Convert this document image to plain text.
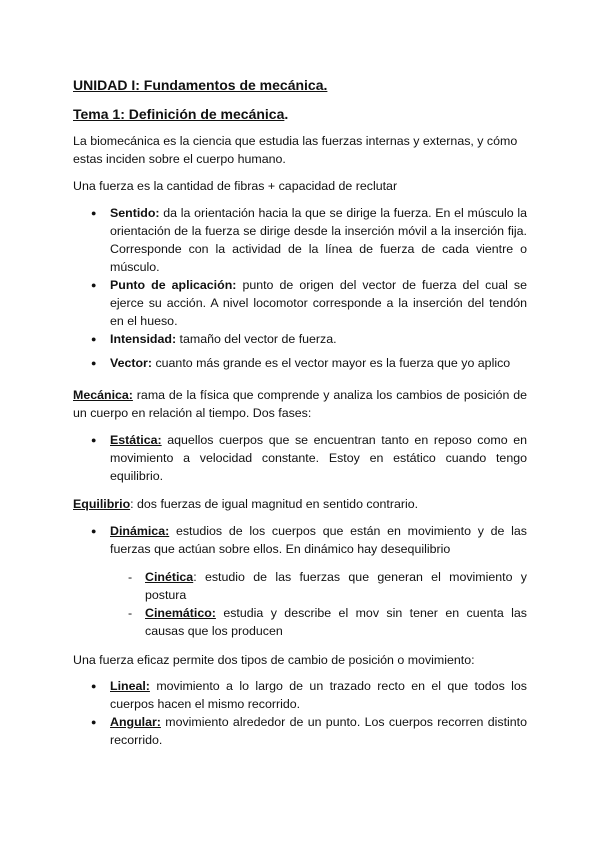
UNIDAD I: Fundamentos de mecánica.

Tema 1: Definición de mecánica.

La biomecánica es la ciencia que estudia las fuerzas internas y externas, y cómo estas inciden sobre el cuerpo humano.

Una fuerza es la cantidad de fibras + capacidad de reclutar

● Sentido: da la orientación hacia la que se dirige la fuerza. En el músculo la orientación de la fuerza se dirige desde la inserción móvil a la inserción fija. Corresponde con la actividad de la línea de fuerza de cada vientre o músculo.
● Punto de aplicación: punto de origen del vector de fuerza del cual se ejerce su acción. A nivel locomotor corresponde a la inserción del tendón en el hueso.
● Intensidad: tamaño del vector de fuerza.
● Vector: cuanto más grande es el vector mayor es la fuerza que yo aplico

Mecánica: rama de la física que comprende y analiza los cambios de posición de un cuerpo en relación al tiempo. Dos fases:

● Estática: aquellos cuerpos que se encuentran tanto en reposo como en movimiento a velocidad constante. Estoy en estático cuando tengo equilibrio.

Equilibrio: dos fuerzas de igual magnitud en sentido contrario.

● Dinámica: estudios de los cuerpos que están en movimiento y de las fuerzas que actúan sobre ellos. En dinámico hay desequilibrio
- Cinética: estudio de las fuerzas que generan el movimiento y postura
- Cinemático: estudia y describe el mov sin tener en cuenta las causas que los producen

Una fuerza eficaz permite dos tipos de cambio de posición o movimiento:

● Lineal: movimiento a lo largo de un trazado recto en el que todos los cuerpos hacen el mismo recorrido.
● Angular: movimiento alrededor de un punto. Los cuerpos recorren distinto recorrido.
